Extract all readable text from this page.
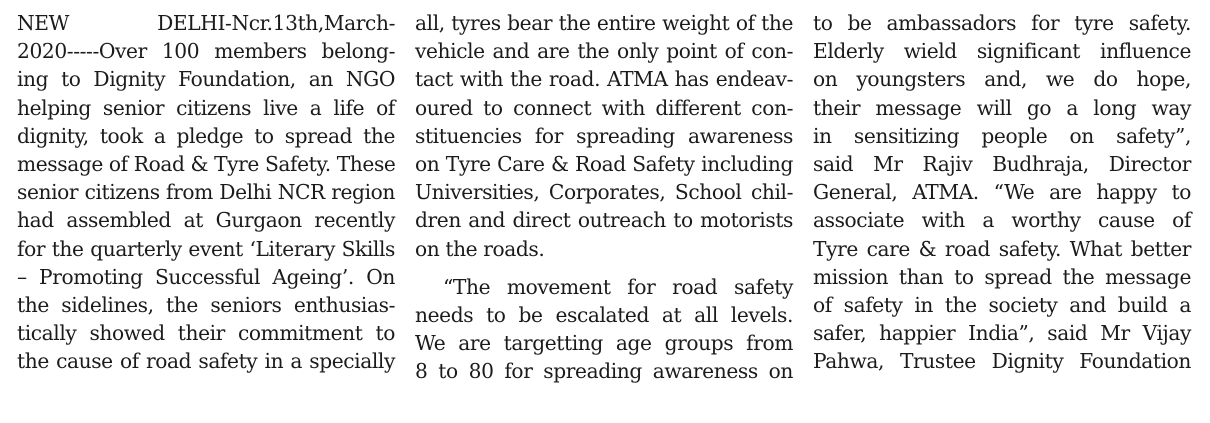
NEW DELHI-Ncr.13th,March-
2020-----Over 100 members belong-
ing to Dignity Foundation, an NGO
helping senior citizens live a life of
dignity, took a pledge to spread the
message of Road & Tyre Safety. These
senior citizens from Delhi NCR region
had assembled at Gurgaon recently
for the quarterly event ‘Literary Skills
– Promoting Successful Ageing’. On
the sidelines, the seniors enthusias-
tically showed their commitment to
the cause of road safety in a specially
all, tyres bear the entire weight of the
vehicle and are the only point of con-
tact with the road. ATMA has endeav-
oured to connect with different con-
stituencies for spreading awareness
on Tyre Care & Road Safety including
Universities, Corporates, School chil-
dren and direct outreach to motorists
on the roads.
“The movement for road safety
needs to be escalated at all levels.
We are targetting age groups from
8 to 80 for spreading awareness on
to be ambassadors for tyre safety.
Elderly wield significant influence
on youngsters and, we do hope,
their message will go a long way
in sensitizing people on safety”,
said Mr Rajiv Budhraja, Director
General, ATMA. “We are happy to
associate with a worthy cause of
Tyre care & road safety. What better
mission than to spread the message
of safety in the society and build a
safer, happier India”, said Mr Vijay
Pahwa, Trustee Dignity Foundation
